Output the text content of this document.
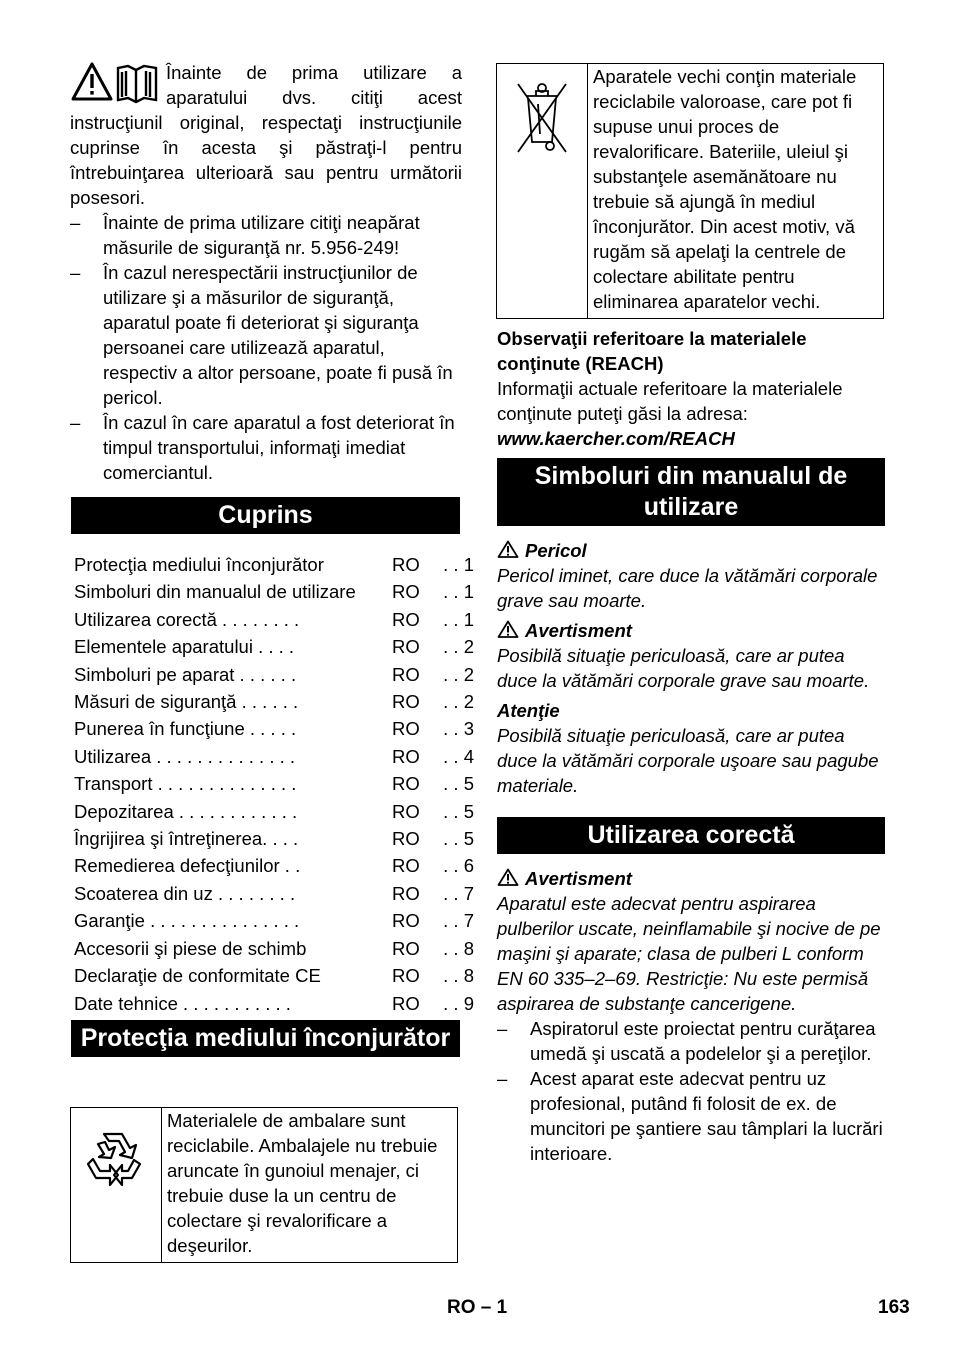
Înainte de prima utilizare a aparatului dvs. citiţi acest instrucţiunil original, respectaţi instrucţiunile cuprinse în acesta şi păstraţi-l pentru întrebuinţarea ulterioară sau pentru următorii posesori.

– Înainte de prima utilizare citiţi neapărat măsurile de siguranţă nr. 5.956-249!
– În cazul nerespectării instrucţiunilor de utilizare şi a măsurilor de siguranţă, aparatul poate fi deteriorat şi siguranţa persoanei care utilizează aparatul, respectiv a altor persoane, poate fi pusă în pericol.
– În cazul în care aparatul a fost deteriorat în timpul transportului, informaţi imediat comerciantul.
Cuprins
Protecţia mediului înconjurător	RO	. . 1
Simboluri din manualul de utilizare	RO	. . 1
Utilizarea corectă . . . . . . . .	RO	. . 1
Elementele aparatului . . . .	RO	. . 2
Simboluri pe aparat . . . . . .	RO	. . 2
Măsuri de siguranţă . . . . . .	RO	. . 2
Punerea în funcţiune . . . . .	RO	. . 3
Utilizarea . . . . . . . . . . . . . .	RO	. . 4
Transport . . . . . . . . . . . . . .	RO	. . 5
Depozitarea . . . . . . . . . . . .	RO	. . 5
Îngrijirea şi întreţinerea. . . .	RO	. . 5
Remedierea defecţiunilor . .	RO	. . 6
Scoaterea din uz . . . . . . . .	RO	. . 7
Garanţie . . . . . . . . . . . . . . .	RO	. . 7
Accesorii şi piese de schimb	RO	. . 8
Declaraţie de conformitate CE	RO	. . 8
Date tehnice . . . . . . . . . . .	RO	. . 9
Protecţia mediului înconjurător
Materialele de ambalare sunt reciclabile. Ambalajele nu trebuie aruncate în gunoiul menajer, ci trebuie duse la un centru de colectare şi revalorificare a deşeurilor.
Aparatele vechi conţin materiale reciclabile valoroase, care pot fi supuse unui proces de revalorificare. Bateriile, uleiul şi substanţele asemănătoare nu trebuie să ajungă în mediul înconjurător. Din acest motiv, vă rugăm să apelaţi la centrele de colectare abilitate pentru eliminarea aparatelor vechi.

Observaţii referitoare la materialele conţinute (REACH)

Informaţii actuale referitoare la materialele conţinute puteţi găsi la adresa:

www.kaercher.com/REACH

Simboluri din manualul de utilizare

Pericol

Pericol iminet, care duce la vătămări corporale grave sau moarte.

Avertisment

Posibilă situaţie periculoasă, care ar putea duce la vătămări corporale grave sau moarte.

Atenţie

Posibilă situaţie periculoasă, care ar putea duce la vătămări corporale uşoare sau pagube materiale.

Utilizarea corectă

Avertisment

Aparatul este adecvat pentru aspirarea pulberilor uscate, neinflamabile şi nocive de pe maşini şi aparate; clasa de pulberi L conform EN 60 335–2–69. Restricţie: Nu este permisă aspirarea de substanţe cancerigene.

– Aspiratorul este proiectat pentru curăţarea umedă şi uscată a podelelor şi a pereţilor.
– Acest aparat este adecvat pentru uz profesional, putând fi folosit de ex. de muncitori pe şantiere sau tâmplari la lucrări interioare.
RO – 1	163
